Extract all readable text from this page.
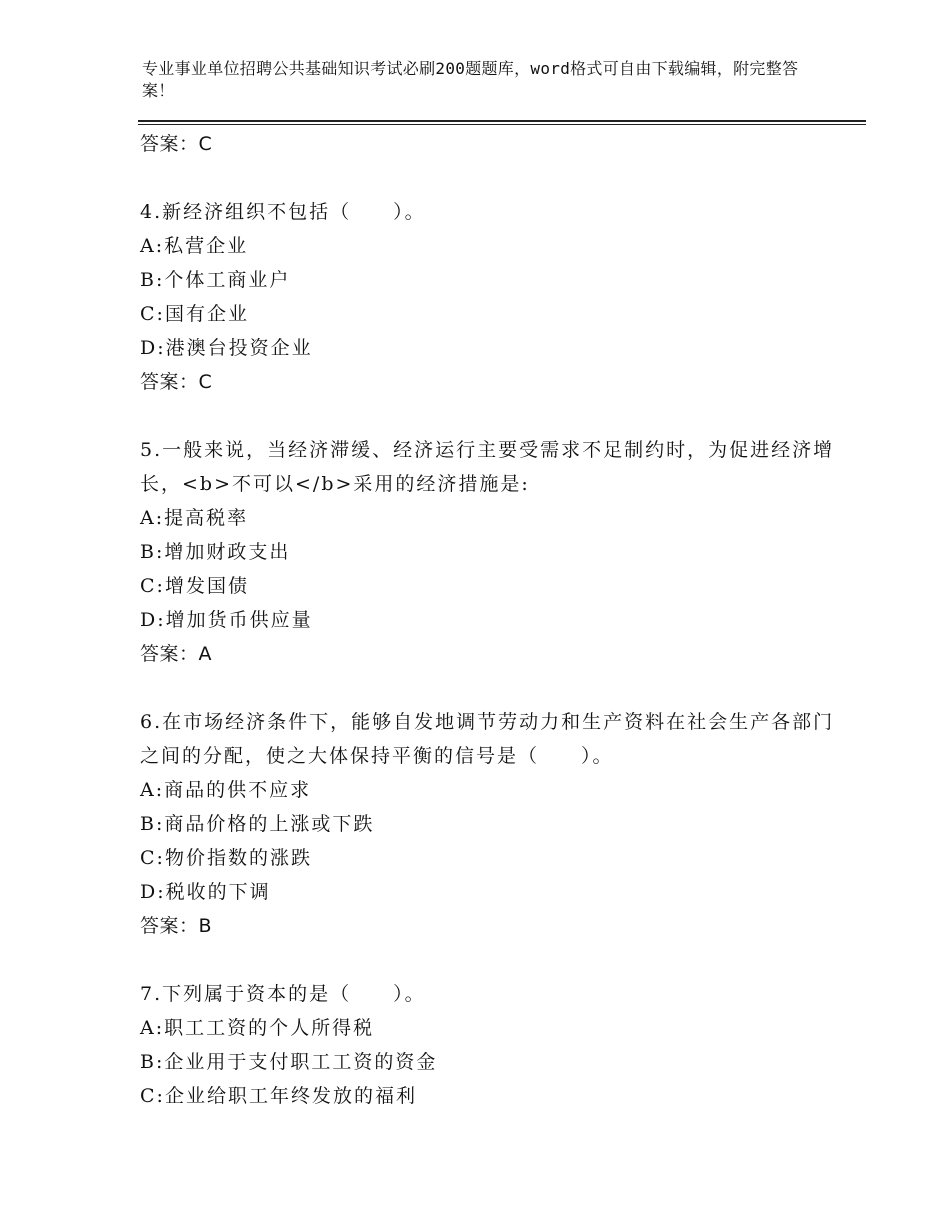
专业事业单位招聘公共基础知识考试必刷200题题库，word格式可自由下载编辑，附完整答案！
答案：C
4.新经济组织不包括（　　）。
A:私营企业
B:个体工商业户
C:国有企业
D:港澳台投资企业
答案：C
5.一般来说，当经济滞缓、经济运行主要受需求不足制约时，为促进经济增长，<b>不可以</b>采用的经济措施是:
A:提高税率
B:增加财政支出
C:增发国债
D:增加货币供应量
答案：A
6.在市场经济条件下，能够自发地调节劳动力和生产资料在社会生产各部门之间的分配，使之大体保持平衡的信号是（　　）。
A:商品的供不应求
B:商品价格的上涨或下跌
C:物价指数的涨跌
D:税收的下调
答案：B
7.下列属于资本的是（　　）。
A:职工工资的个人所得税
B:企业用于支付职工工资的资金
C:企业给职工年终发放的福利
